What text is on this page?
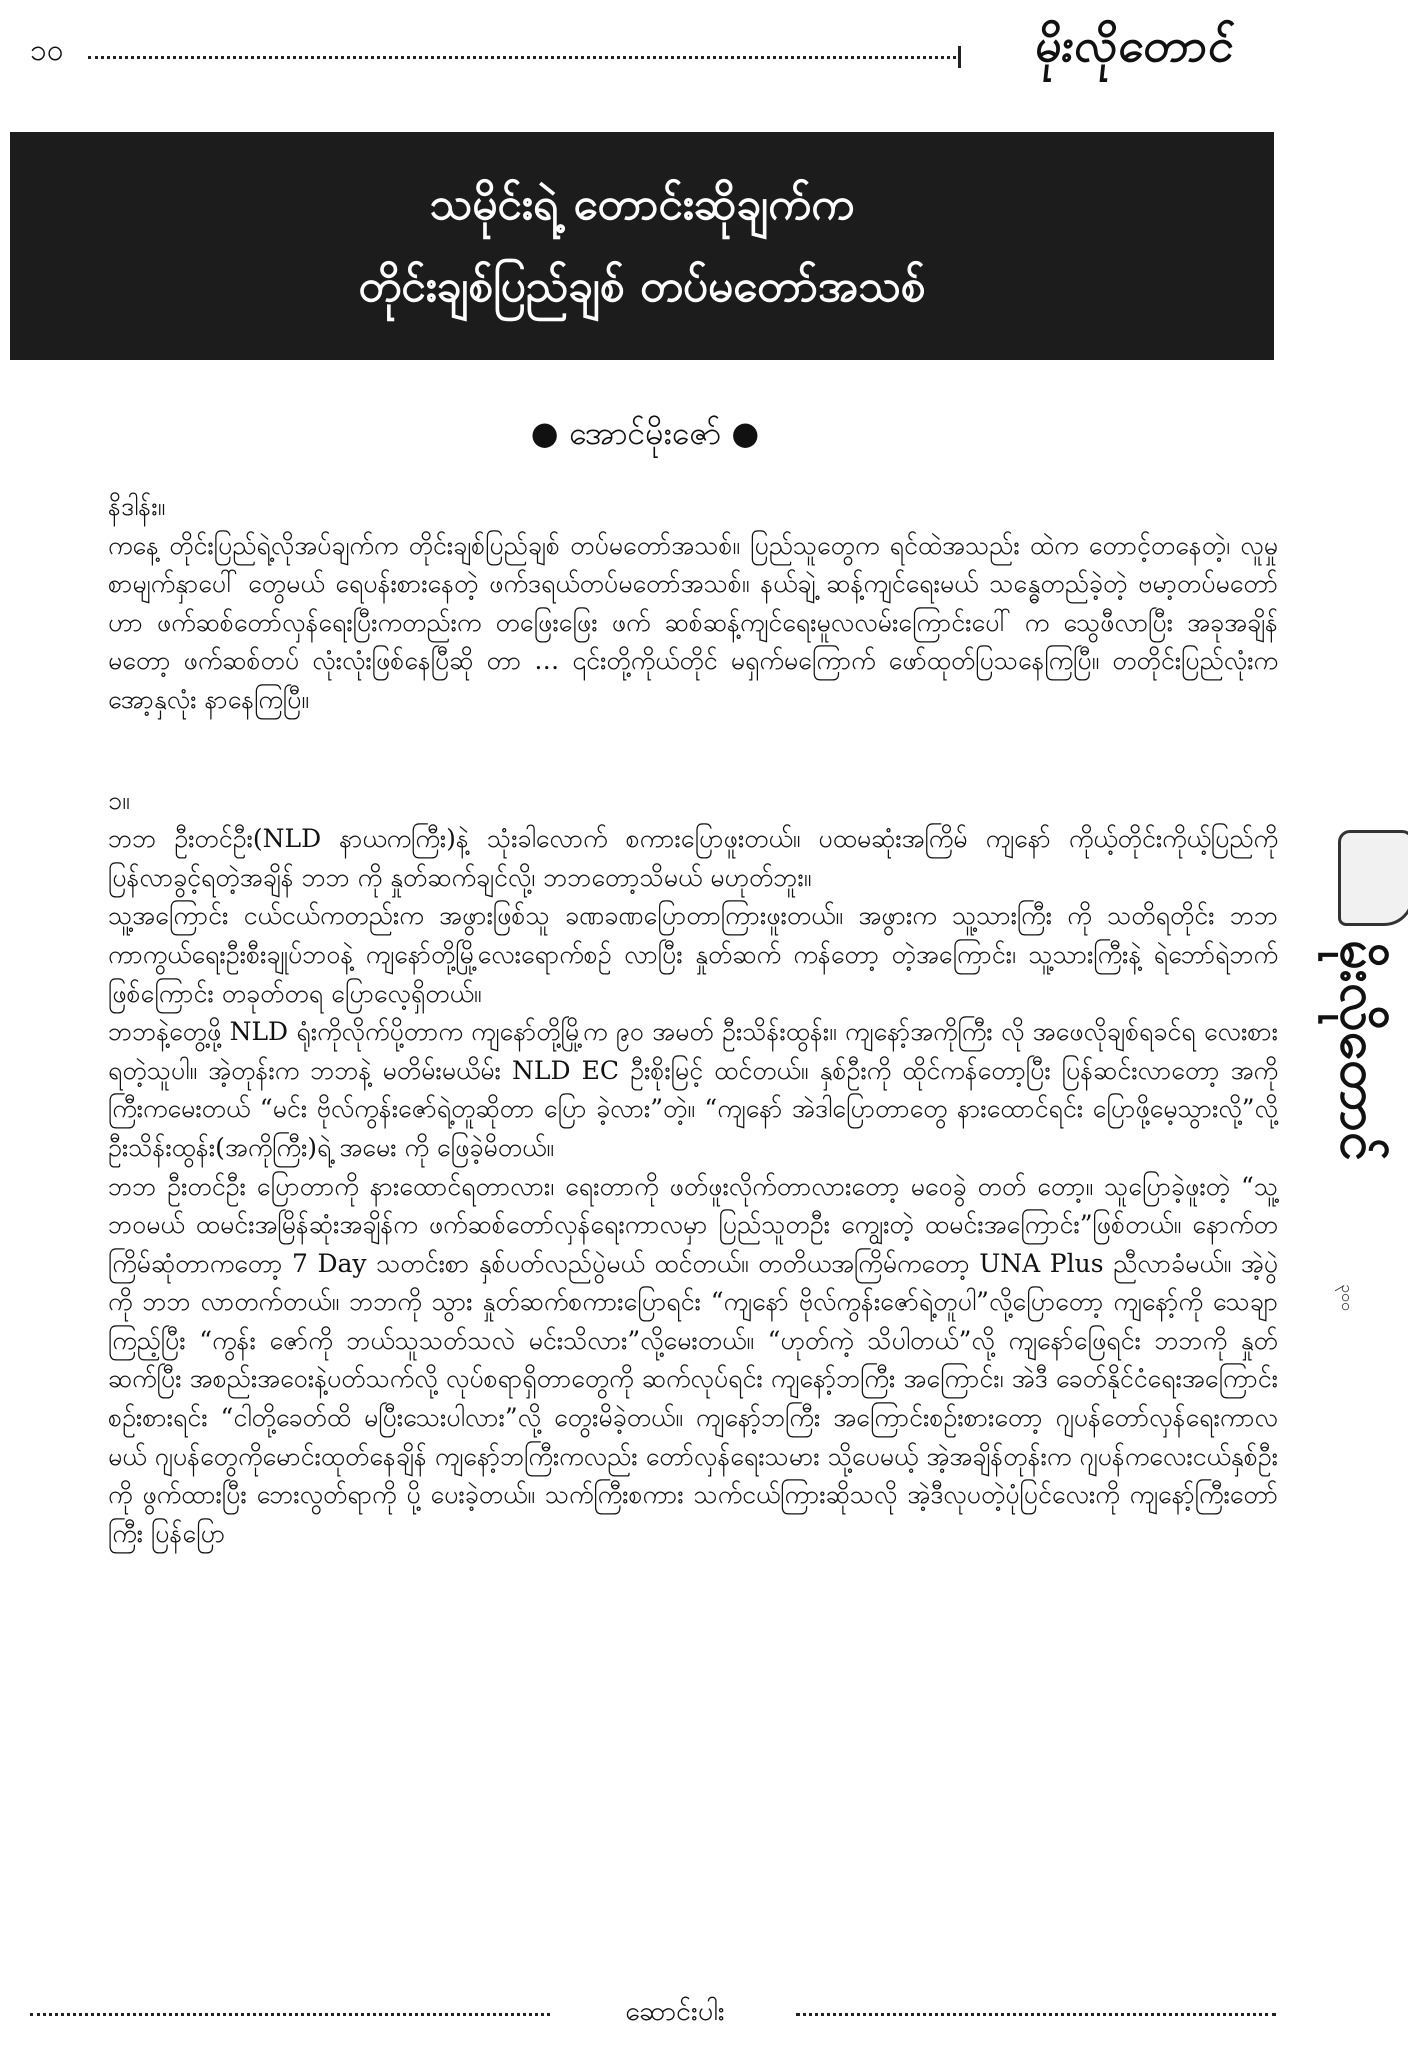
၁၀	မိုးလိုတောင်
သမိုင်းရဲ့ တောင်းဆိုချက်က
တိုင်းချစ်ပြည်ချစ် တပ်မတော်အသစ်
● အောင်မိုးဇော် ●

နိဒါန်း။

ကနေ့ တိုင်းပြည်ရဲ့လိုအပ်ချက်က တိုင်းချစ်ပြည်ချစ် တပ်မတော်အသစ်။ ပြည်သူတွေက ရင်ထဲအသည်း ထဲက တောင့်တနေတဲ့၊ လူမှုစာမျက်နှာပေါ် တွေမယ် ရေပန်းစားနေတဲ့ ဖက်ဒရယ်တပ်မတော်အသစ်။ နယ်ချဲ့ ဆန့်ကျင်ရေးမယ် သန္ဓေတည်ခဲ့တဲ့ ဗမာ့တပ်မတော်ဟာ ဖက်ဆစ်တော်လှန်ရေးပြီးကတည်းက တဖြေးဖြေး ဖက် ဆစ်ဆန့်ကျင်ရေးမူလလမ်းကြောင်းပေါ် က သွေဖီလာပြီး အခုအချိန်မတော့ ဖက်ဆစ်တပ် လုံးလုံးဖြစ်နေပြီဆို တာ … ၎င်းတို့ကိုယ်တိုင် မရှက်မကြောက် ဖော်ထုတ်ပြသနေကြပြီ။ တတိုင်းပြည်လုံးက အော့နှလုံး နာနေကြပြီ။

၁။

ဘဘ ဦးတင်ဦး(NLD နာယကကြီး)နဲ့ သုံးခါလောက် စကားပြောဖူးတယ်။ ပထမဆုံးအကြိမ် ကျနော် ကိုယ့်တိုင်းကိုယ့်ပြည်ကို ပြန်လာခွင့်ရတဲ့အချိန် ဘဘ ကို နှုတ်ဆက်ချင်လို့၊ ဘဘတော့သိမယ် မဟုတ်ဘူး။

သူ့အကြောင်း ငယ်ငယ်ကတည်းက အဖွားဖြစ်သူ ခဏခဏပြောတာကြားဖူးတယ်။ အဖွားက သူ့သားကြီး ကို သတိရတိုင်း ဘဘ ကာကွယ်ရေးဦးစီးချုပ်ဘဝနဲ့ ကျနော်တို့မြို့လေးရောက်စဉ် လာပြီး နှုတ်ဆက် ကန်တော့ တဲ့အကြောင်း၊ သူ့သားကြီးနဲ့ ရဲဘော်ရဲဘက်ဖြစ်ကြောင်း တခုတ်တရ ပြောလေ့ရှိတယ်။

ဘဘနဲ့တွေ့ဖို့ NLD ရုံးကိုလိုက်ပို့တာက ကျနော်တို့မြို့က ၉၀ အမတ် ဦးသိန်းထွန်း။ ကျနော့်အကိုကြီး လို အဖေလိုချစ်ရခင်ရ လေးစားရတဲ့သူပါ။ အဲ့တုန်းက ဘဘနဲ့ မတိမ်းမယိမ်း NLD EC ဦးစိုးမြင့် ထင်တယ်။ နှစ်ဦးကို ထိုင်ကန်တော့ပြီး ပြန်ဆင်းလာတော့ အကိုကြီးကမေးတယ် “မင်း ဗိုလ်ကွန်းဇော်ရဲ့တူဆိုတာ ပြော ခဲ့လား”တဲ့။ “ကျနော် အဲဒါပြောတာတွေ နားထောင်ရင်း ပြောဖို့မေ့သွားလို့”လို့ ဦးသိန်းထွန်း(အကိုကြီး)ရဲ့ အမေး ကို ဖြေခဲ့မိတယ်။

ဘဘ ဦးတင်ဦး ပြောတာကို နားထောင်ရတာလား၊ ရေးတာကို ဖတ်ဖူးလိုက်တာလားတော့ မဝေခွဲ တတ် တော့။ သူပြောခဲ့ဖူးတဲ့ “သူ့ဘဝမယ် ထမင်းအမြိန်ဆုံးအချိန်က ဖက်ဆစ်တော်လှန်ရေးကာလမှာ ပြည်သူတဦး ကျွေးတဲ့ ထမင်းအကြောင်း”ဖြစ်တယ်။ နောက်တကြိမ်ဆုံတာကတော့ 7 Day သတင်းစာ နှစ်ပတ်လည်ပွဲမယ် ထင်တယ်။ တတိယအကြိမ်ကတော့ UNA Plus ညီလာခံမယ်။ အဲ့ပွဲကို ဘဘ လာတက်တယ်။ ဘဘကို သွား နှုတ်ဆက်စကားပြောရင်း “ကျနော် ဗိုလ်ကွန်းဇော်ရဲ့တူပါ”လို့ပြောတော့ ကျနော့်ကို သေချာကြည့်ပြီး “ကွန်း ဇော်ကို ဘယ်သူသတ်သလဲ မင်းသိလား”လို့မေးတယ်။ “ဟုတ်ကဲ့ သိပါတယ်”လို့ ကျနော်ဖြေရင်း ဘဘကို နှုတ် ဆက်ပြီး အစည်းအဝေးနဲ့ပတ်သက်လို့ လုပ်စရာရှိတာတွေကို ဆက်လုပ်ရင်း ကျနော့်ဘကြီး အကြောင်း၊ အဲဒီ ခေတ်နိုင်ငံရေးအကြောင်း စဉ်းစားရင်း “ငါတို့ခေတ်ထိ မပြီးသေးပါလား”လို့ တွေးမိခဲ့တယ်။ ကျနော့်ဘကြီး အကြောင်းစဉ်းစားတော့ ဂျပန်တော်လှန်ရေးကာလမယ် ဂျပန်တွေကိုမောင်းထုတ်နေချိန် ကျနော့်ဘကြီးကလည်း တော်လှန်ရေးသမား သို့ပေမယ့် အဲ့အချိန်တုန်းက ဂျပန်ကလေးငယ်နှစ်ဦးကို ဖွက်ထားပြီး ဘေးလွတ်ရာကို ပို့ ပေးခဲ့တယ်။ သက်ကြီးစကား သက်ငယ်ကြားဆိုသလို အဲ့ဒီလုပတဲ့ပုံပြင်လေးကို ကျနော့်ကြီးတော်ကြီး ပြန်ပြော

မိုးလိုတောင်
၃၀၀
ဆောင်းပါး
